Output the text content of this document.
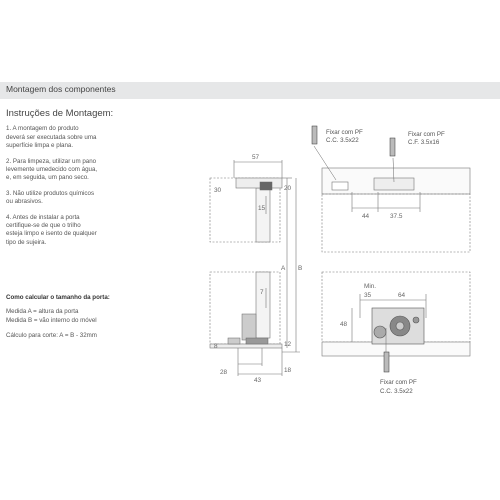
Montagem dos componentes
Instruções de Montagem:
1. A montagem do produto
deverá ser executada sobre uma
superfície limpa e plana.
2. Para limpeza, utilizar um pano
levemente umedecido com água,
e, em seguida, um pano seco.
3. Não utilize produtos químicos
ou abrasivos.
4. Antes de instalar a porta
certifique-se de que o trilho
esteja limpo e isento de qualquer
tipo de sujeira.
Como calcular o tamanho da porta:
Medida A = altura da porta
Medida B = vão interno do móvel
Cálculo para corte: A = B - 32mm
57
30	20
15
A B
7
8	12
18
28
43
Fixar com PF
C.C. 3.5x22
Fixar com PF
C.F. 3.5x16
44	37.5
Min.
35	64
48
Fixar com PF
C.C. 3.5x22
